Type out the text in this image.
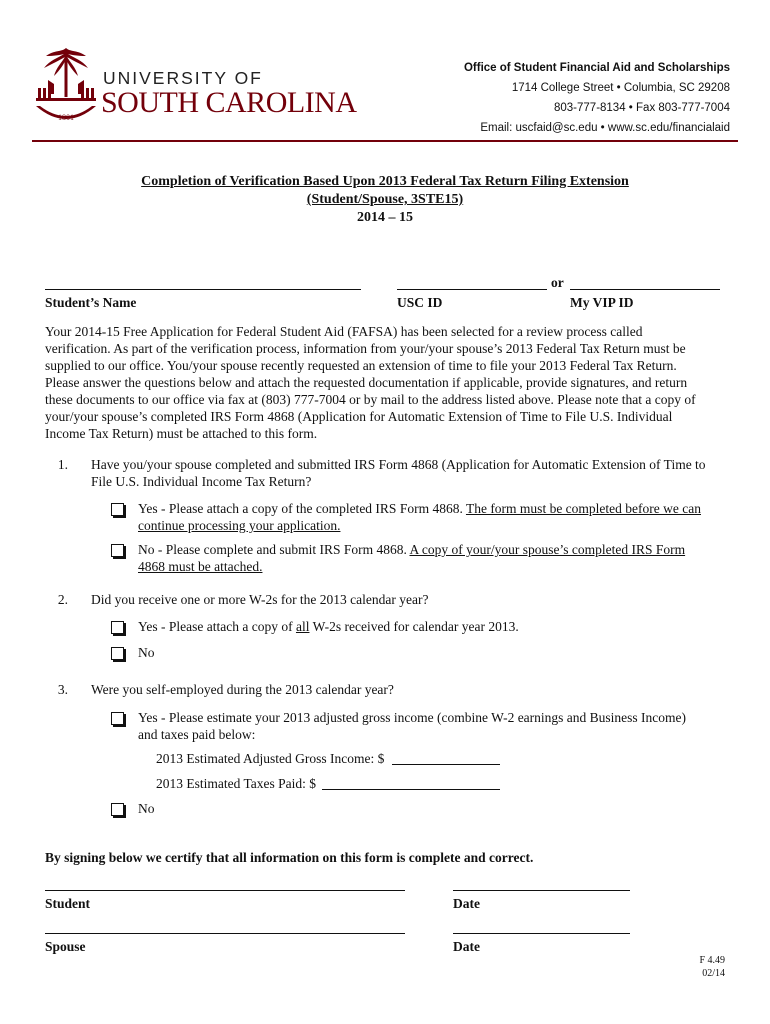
1801
UNIVERSITY OF
SOUTH CAROLINA
Office of Student Financial Aid and Scholarships
1714 College Street • Columbia, SC 29208
803-777-8134 • Fax 803-777-7004
Email: uscfaid@sc.edu • www.sc.edu/financialaid
Completion of Verification Based Upon 2013 Federal Tax Return Filing Extension
(Student/Spouse, 3STE15)
2014 – 15
or
Student’s Name	USC ID	My VIP ID
Your 2014-15 Free Application for Federal Student Aid (FAFSA) has been selected for a review process called
verification. As part of the verification process, information from your/your spouse’s 2013 Federal Tax Return must be
supplied to our office. You/your spouse recently requested an extension of time to file your 2013 Federal Tax Return.
Please answer the questions below and attach the requested documentation if applicable, provide signatures, and return
these documents to our office via fax at (803) 777-7004 or by mail to the address listed above. Please note that a copy of
your/your spouse’s completed IRS Form 4868 (Application for Automatic Extension of Time to File U.S. Individual
Income Tax Return) must be attached to this form.
1. Have you/your spouse completed and submitted IRS Form 4868 (Application for Automatic Extension of Time to
File U.S. Individual Income Tax Return?
Yes - Please attach a copy of the completed IRS Form 4868. The form must be completed before we can
continue processing your application.
No - Please complete and submit IRS Form 4868. A copy of your/your spouse’s completed IRS Form
4868 must be attached.
2. Did you receive one or more W-2s for the 2013 calendar year?
Yes - Please attach a copy of all W-2s received for calendar year 2013.
No
3. Were you self-employed during the 2013 calendar year?
Yes - Please estimate your 2013 adjusted gross income (combine W-2 earnings and Business Income)
and taxes paid below:
2013 Estimated Adjusted Gross Income: $
2013 Estimated Taxes Paid: $
No
By signing below we certify that all information on this form is complete and correct.
Student	Date
Spouse	Date
F 4.49
02/14
